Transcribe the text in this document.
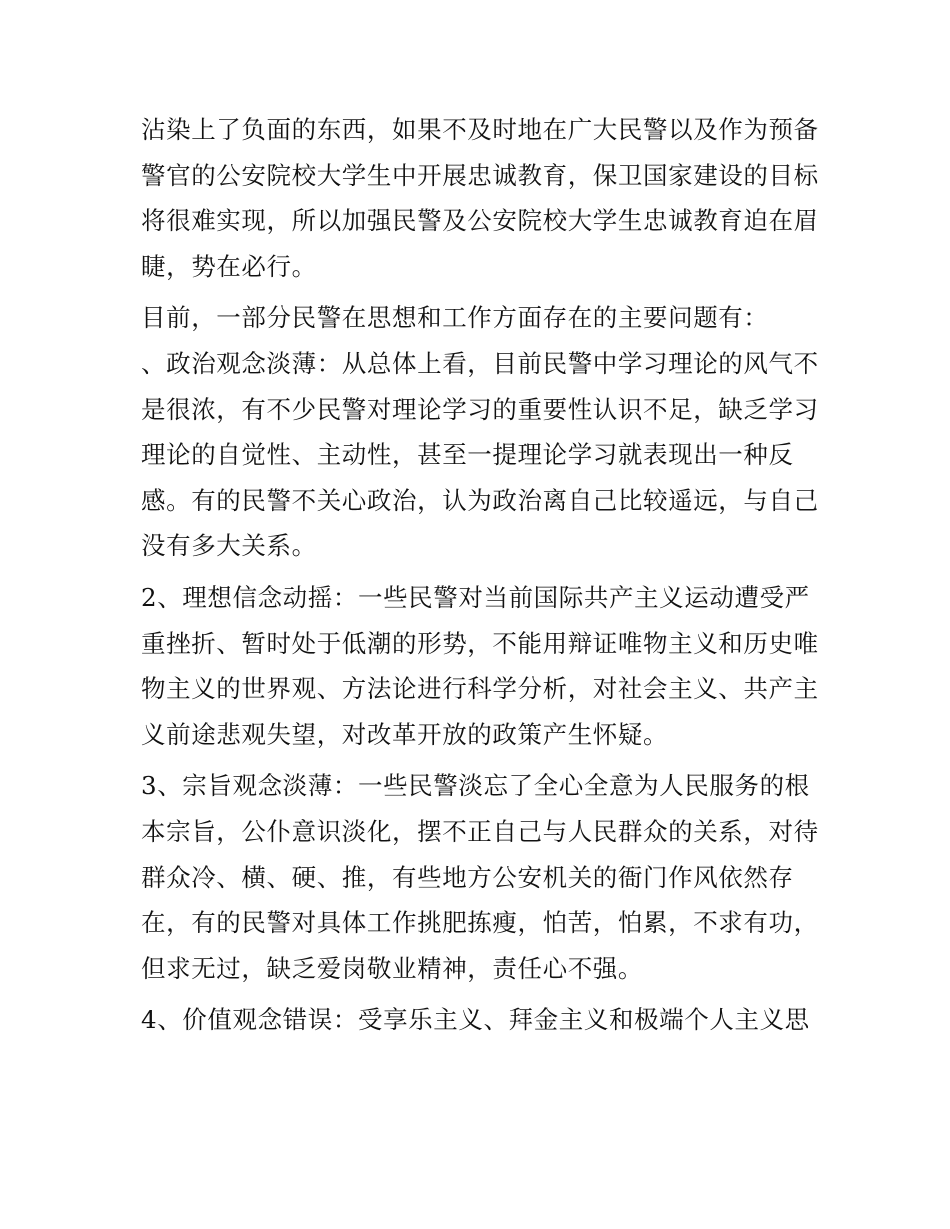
沾染上了负面的东西，如果不及时地在广大民警以及作为预备
警官的公安院校大学生中开展忠诚教育，保卫国家建设的目标
将很难实现，所以加强民警及公安院校大学生忠诚教育迫在眉
睫，势在必行。
目前，一部分民警在思想和工作方面存在的主要问题有：
、政治观念淡薄：从总体上看，目前民警中学习理论的风气不
是很浓，有不少民警对理论学习的重要性认识不足，缺乏学习
理论的自觉性、主动性，甚至一提理论学习就表现出一种反
感。有的民警不关心政治，认为政治离自己比较遥远，与自己
没有多大关系。
2、理想信念动摇：一些民警对当前国际共产主义运动遭受严
重挫折、暂时处于低潮的形势，不能用辩证唯物主义和历史唯
物主义的世界观、方法论进行科学分析，对社会主义、共产主
义前途悲观失望，对改革开放的政策产生怀疑。
3、宗旨观念淡薄：一些民警淡忘了全心全意为人民服务的根
本宗旨，公仆意识淡化，摆不正自己与人民群众的关系，对待
群众冷、横、硬、推，有些地方公安机关的衙门作风依然存
在，有的民警对具体工作挑肥拣瘦，怕苦，怕累，不求有功，
但求无过，缺乏爱岗敬业精神，责任心不强。
4、价值观念错误：受享乐主义、拜金主义和极端个人主义思
